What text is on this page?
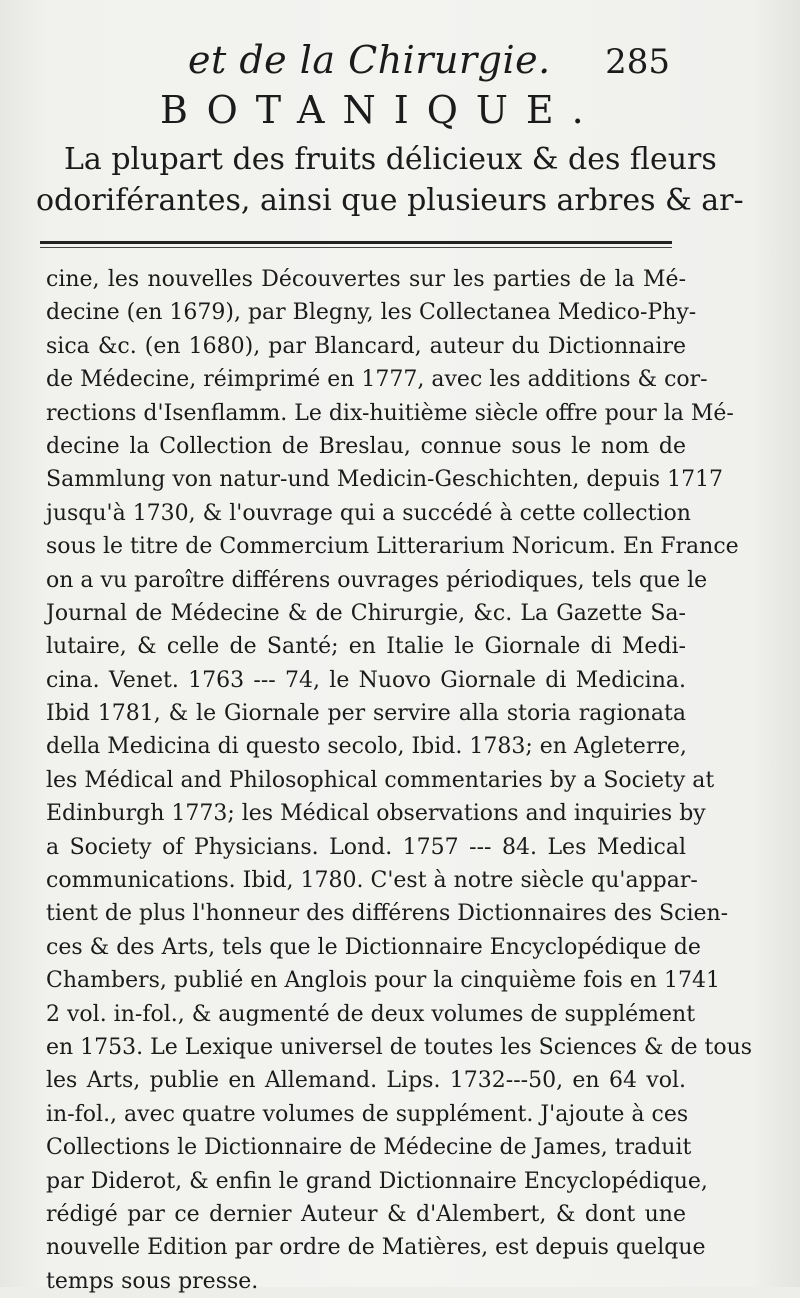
et de la Chirurgie. 285
BOTANIQUE.
La plupart des fruits délicieux & des fleurs
odoriférantes, ainsi que plusieurs arbres & ar-
cine, les nouvelles Découvertes sur les parties de la Mé-
decine (en 1679), par Blegny, les Collectanea Medico-Phy-
sica &c. (en 1680), par Blancard, auteur du Dictionnaire
de Médecine, réimprimé en 1777, avec les additions & cor-
rections d'Isenflamm. Le dix-huitième siècle offre pour la Mé-
decine la Collection de Breslau, connue sous le nom de
Sammlung von natur-und Medicin-Geschichten, depuis 1717
jusqu'à 1730, & l'ouvrage qui a succédé à cette collection
sous le titre de Commercium Litterarium Noricum. En France
on a vu paroître différens ouvrages périodiques, tels que le
Journal de Médecine & de Chirurgie, &c. La Gazette Sa-
lutaire, & celle de Santé; en Italie le Giornale di Medi-
cina. Venet. 1763 --- 74, le Nuovo Giornale di Medicina.
Ibid 1781, & le Giornale per servire alla storia ragionata
della Medicina di questo secolo, Ibid. 1783; en Agleterre,
les Médical and Philosophical commentaries by a Society at
Edinburgh 1773; les Médical observations and inquiries by
a Society of Physicians. Lond. 1757 --- 84. Les Medical
communications. Ibid, 1780. C'est à notre siècle qu'appar-
tient de plus l'honneur des différens Dictionnaires des Scien-
ces & des Arts, tels que le Dictionnaire Encyclopédique de
Chambers, publié en Anglois pour la cinquième fois en 1741
2 vol. in-fol., & augmenté de deux volumes de supplément
en 1753. Le Lexique universel de toutes les Sciences & de tous
les Arts, publie en Allemand. Lips. 1732---50, en 64 vol.
in-fol., avec quatre volumes de supplément. J'ajoute à ces
Collections le Dictionnaire de Médecine de James, traduit
par Diderot, & enfin le grand Dictionnaire Encyclopédique,
rédigé par ce dernier Auteur & d'Alembert, & dont une
nouvelle Edition par ordre de Matières, est depuis quelque
temps sous presse.
